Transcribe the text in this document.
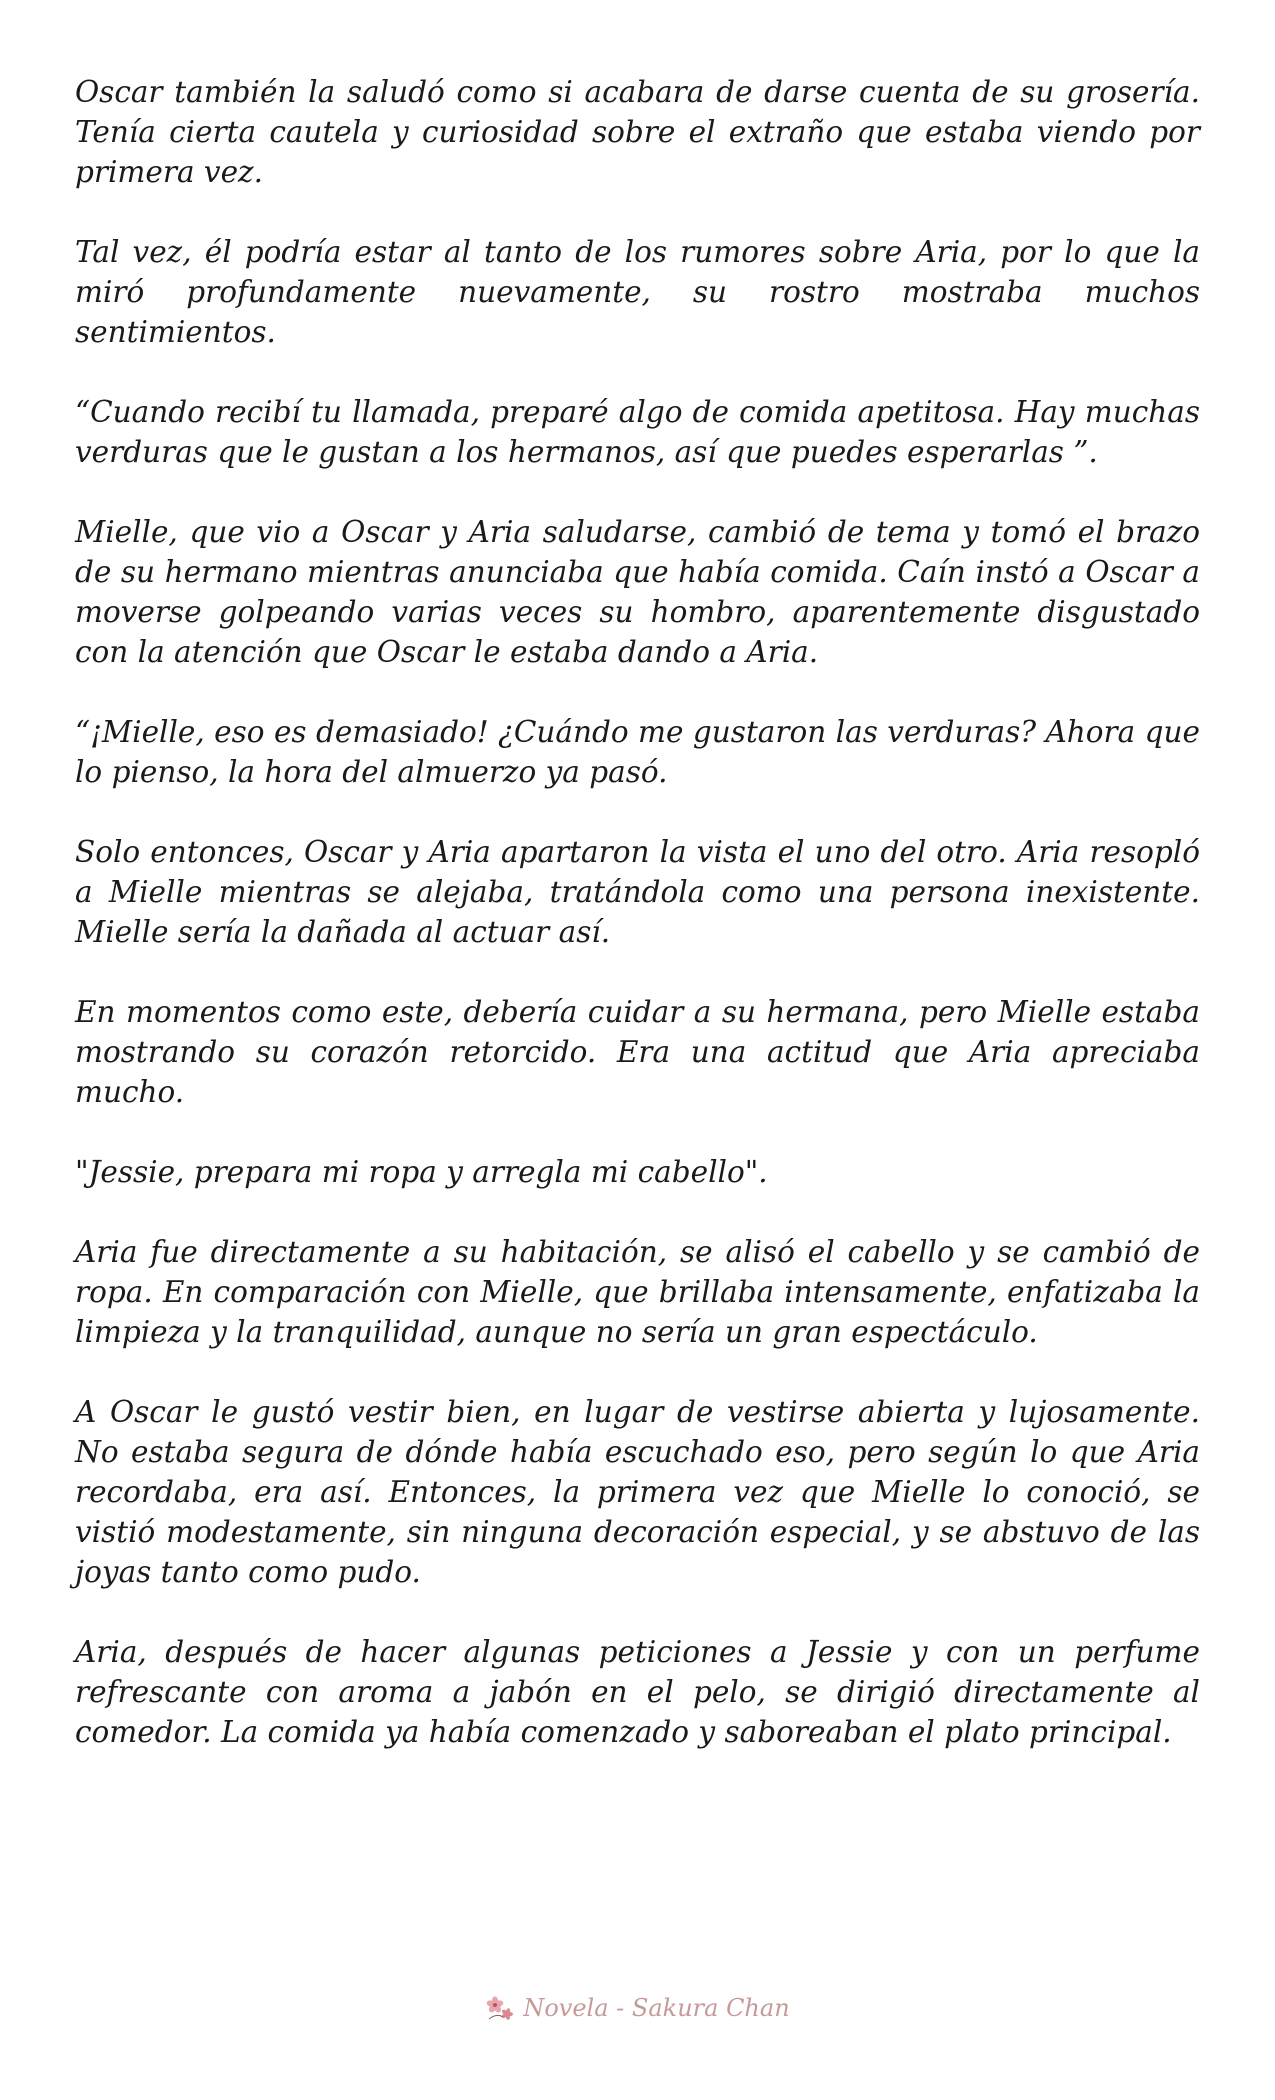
Oscar también la saludó como si acabara de darse cuenta de su grosería. Tenía cierta cautela y curiosidad sobre el extraño que estaba viendo por primera vez.

Tal vez, él podría estar al tanto de los rumores sobre Aria, por lo que la miró profundamente nuevamente, su rostro mostraba muchos sentimientos.

“Cuando recibí tu llamada, preparé algo de comida apetitosa. Hay muchas verduras que le gustan a los hermanos, así que puedes esperarlas ”.

Mielle, que vio a Oscar y Aria saludarse, cambió de tema y tomó el brazo de su hermano mientras anunciaba que había comida. Caín instó a Oscar a moverse golpeando varias veces su hombro, aparentemente disgustado con la atención que Oscar le estaba dando a Aria.

“¡Mielle, eso es demasiado! ¿Cuándo me gustaron las verduras? Ahora que lo pienso, la hora del almuerzo ya pasó.

Solo entonces, Oscar y Aria apartaron la vista el uno del otro. Aria resopló a Mielle mientras se alejaba, tratándola como una persona inexistente. Mielle sería la dañada al actuar así.

En momentos como este, debería cuidar a su hermana, pero Mielle estaba mostrando su corazón retorcido. Era una actitud que Aria apreciaba mucho.

"Jessie, prepara mi ropa y arregla mi cabello".

Aria fue directamente a su habitación, se alisó el cabello y se cambió de ropa. En comparación con Mielle, que brillaba intensamente, enfatizaba la limpieza y la tranquilidad, aunque no sería un gran espectáculo.

A Oscar le gustó vestir bien, en lugar de vestirse abierta y lujosamente. No estaba segura de dónde había escuchado eso, pero según lo que Aria recordaba, era así. Entonces, la primera vez que Mielle lo conoció, se vistió modestamente, sin ninguna decoración especial, y se abstuvo de las joyas tanto como pudo.

Aria, después de hacer algunas peticiones a Jessie y con un perfume refrescante con aroma a jabón en el pelo, se dirigió directamente al comedor. La comida ya había comenzado y saboreaban el plato principal.

Novela - Sakura Chan
